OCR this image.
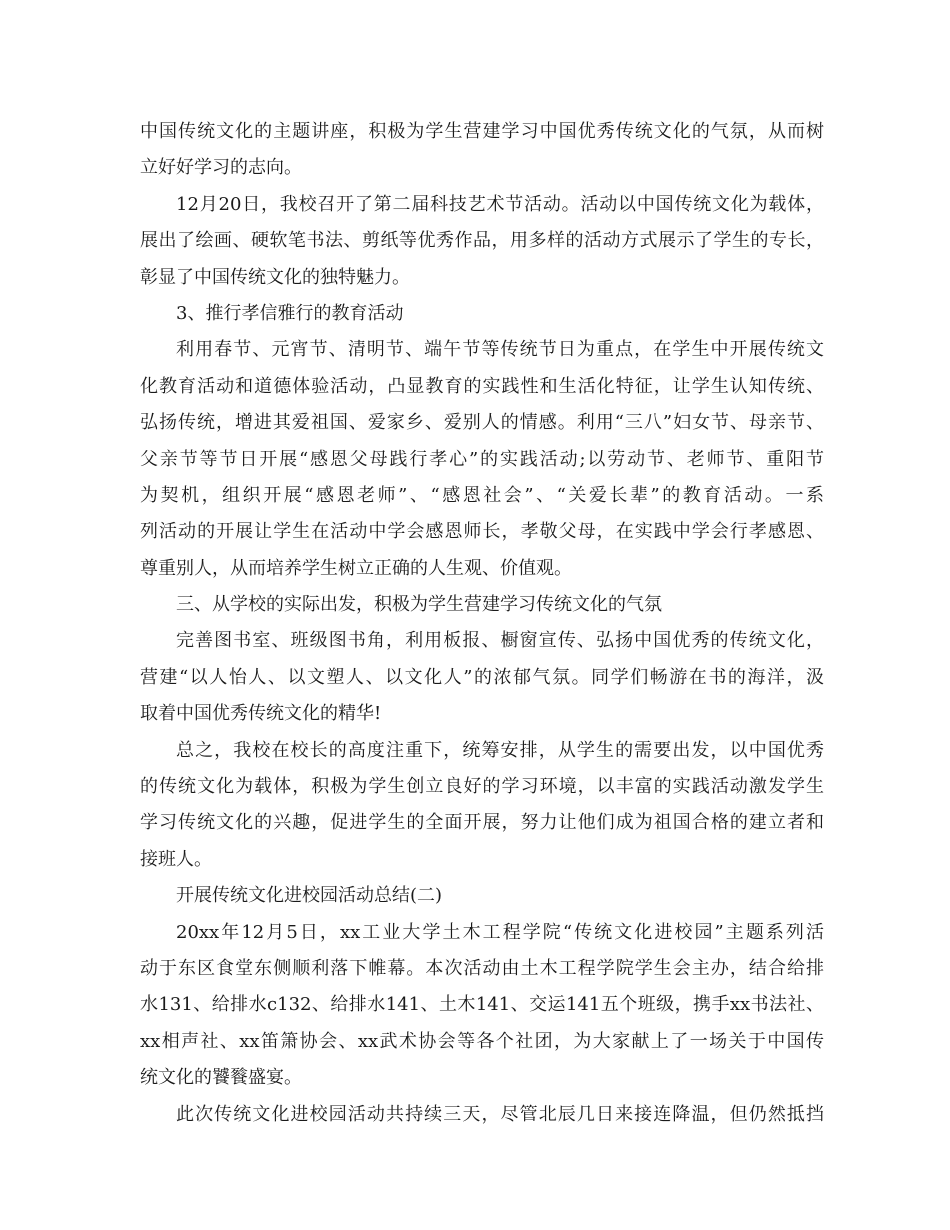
中国传统文化的主题讲座，积极为学生营建学习中国优秀传统文化的气氛，从而树
立好好学习的志向。
12月20日，我校召开了第二届科技艺术节活动。活动以中国传统文化为载体，
展出了绘画、硬软笔书法、剪纸等优秀作品，用多样的活动方式展示了学生的专长，
彰显了中国传统文化的独特魅力。
3、推行孝信雅行的教育活动
利用春节、元宵节、清明节、端午节等传统节日为重点，在学生中开展传统文
化教育活动和道德体验活动，凸显教育的实践性和生活化特征，让学生认知传统、
弘扬传统，增进其爱祖国、爱家乡、爱别人的情感。利用“三八”妇女节、母亲节、
父亲节等节日开展“感恩父母践行孝心”的实践活动;以劳动节、老师节、重阳节
为契机，组织开展“感恩老师”、“感恩社会”、“关爱长辈”的教育活动。一系
列活动的开展让学生在活动中学会感恩师长，孝敬父母，在实践中学会行孝感恩、
尊重别人，从而培养学生树立正确的人生观、价值观。
三、从学校的实际出发，积极为学生营建学习传统文化的气氛
完善图书室、班级图书角，利用板报、橱窗宣传、弘扬中国优秀的传统文化，
营建“以人怡人、以文塑人、以文化人”的浓郁气氛。同学们畅游在书的海洋，汲
取着中国优秀传统文化的精华!
总之，我校在校长的高度注重下，统筹安排，从学生的需要出发，以中国优秀
的传统文化为载体，积极为学生创立良好的学习环境，以丰富的实践活动激发学生
学习传统文化的兴趣，促进学生的全面开展，努力让他们成为祖国合格的建立者和
接班人。
开展传统文化进校园活动总结(二)
20xx年12月5日，xx工业大学土木工程学院“传统文化进校园”主题系列活
动于东区食堂东侧顺利落下帷幕。本次活动由土木工程学院学生会主办，结合给排
水131、给排水c132、给排水141、土木141、交运141五个班级，携手xx书法社、
xx相声社、xx笛箫协会、xx武术协会等各个社团，为大家献上了一场关于中国传
统文化的饕餮盛宴。
此次传统文化进校园活动共持续三天，尽管北辰几日来接连降温，但仍然抵挡
